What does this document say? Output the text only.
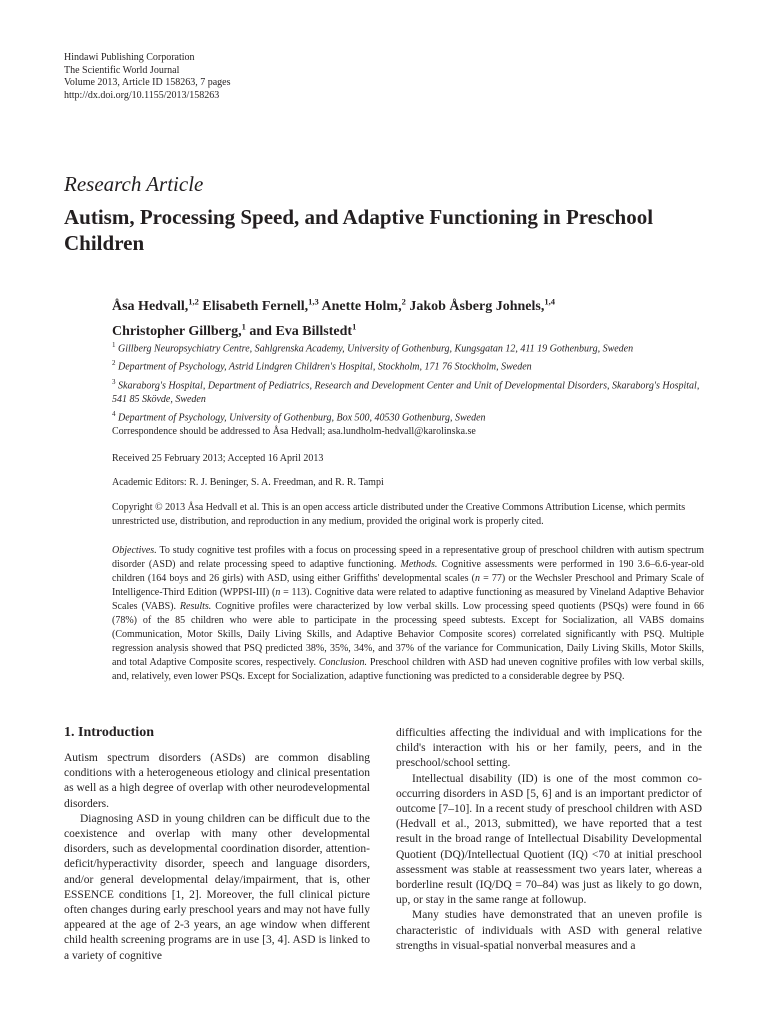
Hindawi Publishing Corporation
The Scientific World Journal
Volume 2013, Article ID 158263, 7 pages
http://dx.doi.org/10.1155/2013/158263
Research Article
Autism, Processing Speed, and Adaptive Functioning in Preschool Children
Åsa Hedvall,$^{1,2}$ Elisabeth Fernell,$^{1,3}$ Anette Holm,$^2$ Jakob Åsberg Johnels,$^{1,4}$
Christopher Gillberg,$^1$ and Eva Billstedt$^1$

$^1$ Gillberg Neuropsychiatry Centre, Sahlgrenska Academy, University of Gothenburg, Kungsgatan 12, 411 19 Gothenburg, Sweden

$^2$ Department of Psychology, Astrid Lindgren Children's Hospital, Stockholm, 171 76 Stockholm, Sweden

$^3$ Skaraborg's Hospital, Department of Pediatrics, Research and Development Center and Unit of Developmental Disorders, Skaraborg's Hospital, 541 85 Skövde, Sweden

$^4$ Department of Psychology, University of Gothenburg, Box 500, 40530 Gothenburg, Sweden

Correspondence should be addressed to Åsa Hedvall; asa.lundholm-hedvall@karolinska.se
Received 25 February 2013; Accepted 16 April 2013
Academic Editors: R. J. Beninger, S. A. Freedman, and R. R. Tampi
Copyright © 2013 Åsa Hedvall et al. This is an open access article distributed under the Creative Commons Attribution License, which permits unrestricted use, distribution, and reproduction in any medium, provided the original work is properly cited.
Objectives. To study cognitive test profiles with a focus on processing speed in a representative group of preschool children with autism spectrum disorder (ASD) and relate processing speed to adaptive functioning. Methods. Cognitive assessments were performed in 190 3.6–6.6-year-old children (164 boys and 26 girls) with ASD, using either Griffiths' developmental scales (n = 77) or the Wechsler Preschool and Primary Scale of Intelligence-Third Edition (WPPSI-III) (n = 113). Cognitive data were related to adaptive functioning as measured by Vineland Adaptive Behavior Scales (VABS). Results. Cognitive profiles were characterized by low verbal skills. Low processing speed quotients (PSQs) were found in 66 (78%) of the 85 children who were able to participate in the processing speed subtests. Except for Socialization, all VABS domains (Communication, Motor Skills, Daily Living Skills, and Adaptive Behavior Composite scores) correlated significantly with PSQ. Multiple regression analysis showed that PSQ predicted 38%, 35%, 34%, and 37% of the variance for Communication, Daily Living Skills, Motor Skills, and total Adaptive Composite scores, respectively. Conclusion. Preschool children with ASD had uneven cognitive profiles with low verbal skills, and, relatively, even lower PSQs. Except for Socialization, adaptive functioning was predicted to a considerable degree by PSQ.
1. Introduction

Autism spectrum disorders (ASDs) are common disabling conditions with a heterogeneous etiology and clinical presentation as well as a high degree of overlap with other neurodevelopmental disorders.

Diagnosing ASD in young children can be difficult due to the coexistence and overlap with many other developmental disorders, such as developmental coordination disorder, attention-deficit/hyperactivity disorder, speech and language disorders, and/or general developmental delay/impairment, that is, other ESSENCE conditions [1, 2]. Moreover, the full clinical picture often changes during early preschool years and may not have fully appeared at the age of 2-3 years, an age window when different child health screening programs are in use [3, 4]. ASD is linked to a variety of cognitive

difficulties affecting the individual and with implications for the child's interaction with his or her family, peers, and in the preschool/school setting.

Intellectual disability (ID) is one of the most common co-occurring disorders in ASD [5, 6] and is an important predictor of outcome [7–10]. In a recent study of preschool children with ASD (Hedvall et al., 2013, submitted), we have reported that a test result in the broad range of Intellectual Disability Developmental Quotient (DQ)/Intellectual Quotient (IQ) <70 at initial preschool assessment was stable at reassessment two years later, whereas a borderline result (IQ/DQ = 70–84) was just as likely to go down, up, or stay in the same range at followup.

Many studies have demonstrated that an uneven profile is characteristic of individuals with ASD with general relative strengths in visual-spatial nonverbal measures and a
